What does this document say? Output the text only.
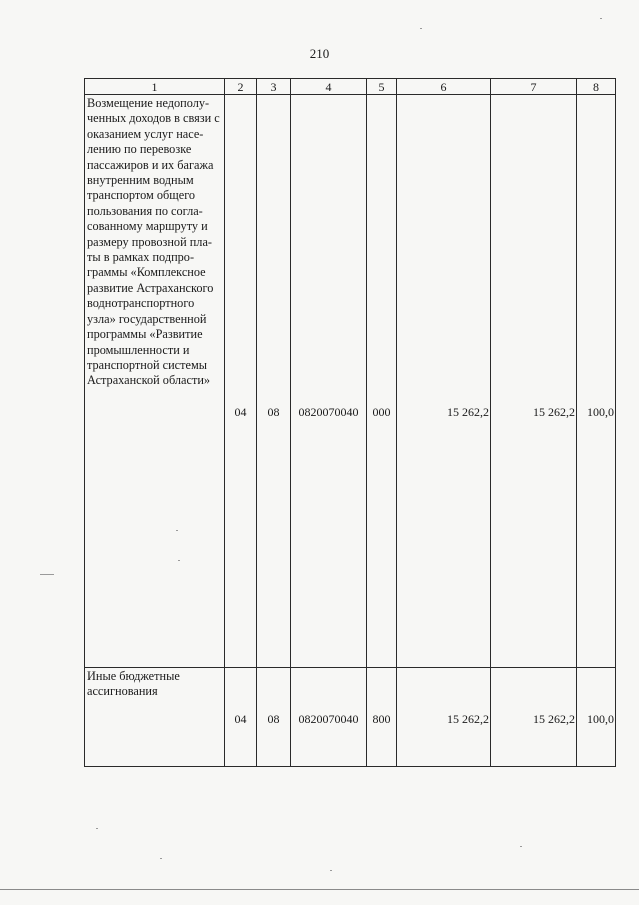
210
1	2	3	4	5	6	7	8
Возмещение недополу-ченных доходов в связи с оказанием услуг насе-лению по перевозке пассажиров и их багажа внутренним водным транспортом общего пользования по согла-сованному маршруту и размеру провозной пла-ты в рамках подпро-граммы «Комплексное развитие Астраханского воднотранспортного узла» государственной программы «Развитие промышленности и транспортной системы Астраханской области»	04	08	0820070040	000	15 262,2	15 262,2	100,0

Иные бюджетные ассигнования	04	08	0820070040	800	15 262,2	15 262,2	100,0
